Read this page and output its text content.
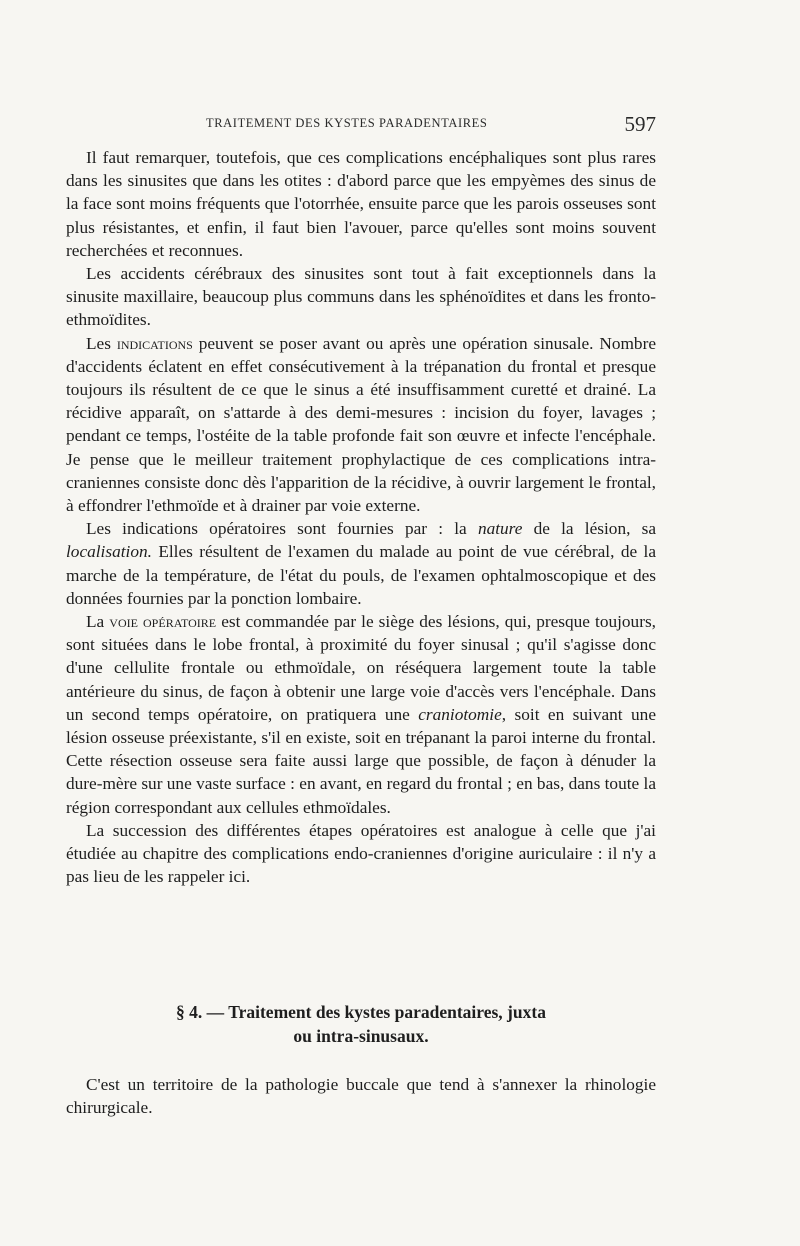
TRAITEMENT DES KYSTES PARADENTAIRES	597

Il faut remarquer, toutefois, que ces complications encéphaliques sont plus rares dans les sinusites que dans les otites : d'abord parce que les empyèmes des sinus de la face sont moins fréquents que l'otorrhée, ensuite parce que les parois osseuses sont plus résistantes, et enfin, il faut bien l'avouer, parce qu'elles sont moins souvent recherchées et reconnues.

Les accidents cérébraux des sinusites sont tout à fait exceptionnels dans la sinusite maxillaire, beaucoup plus communs dans les sphénoïdites et dans les fronto-ethmoïdites.

Les indications peuvent se poser avant ou après une opération sinusale. Nombre d'accidents éclatent en effet consécutivement à la trépanation du frontal et presque toujours ils résultent de ce que le sinus a été insuffisamment curetté et drainé. La récidive apparaît, on s'attarde à des demi-mesures : incision du foyer, lavages ; pendant ce temps, l'ostéite de la table profonde fait son œuvre et infecte l'encéphale. Je pense que le meilleur traitement prophylactique de ces complications intra-craniennes consiste donc dès l'apparition de la récidive, à ouvrir largement le frontal, à effondrer l'ethmoïde et à drainer par voie externe.

Les indications opératoires sont fournies par : la nature de la lésion, sa localisation. Elles résultent de l'examen du malade au point de vue cérébral, de la marche de la température, de l'état du pouls, de l'examen ophtalmoscopique et des données fournies par la ponction lombaire.

La voie opératoire est commandée par le siège des lésions, qui, presque toujours, sont situées dans le lobe frontal, à proximité du foyer sinusal ; qu'il s'agisse donc d'une cellulite frontale ou ethmoïdale, on réséquera largement toute la table antérieure du sinus, de façon à obtenir une large voie d'accès vers l'encéphale. Dans un second temps opératoire, on pratiquera une craniotomie, soit en suivant une lésion osseuse préexistante, s'il en existe, soit en trépanant la paroi interne du frontal. Cette résection osseuse sera faite aussi large que possible, de façon à dénuder la dure-mère sur une vaste surface : en avant, en regard du frontal ; en bas, dans toute la région correspondant aux cellules ethmoïdales.

La succession des différentes étapes opératoires est analogue à celle que j'ai étudiée au chapitre des complications endo-craniennes d'origine auriculaire : il n'y a pas lieu de les rappeler ici.

§ 4. — Traitement des kystes paradentaires, juxta
ou intra-sinusaux.

C'est un territoire de la pathologie buccale que tend à s'annexer la rhinologie chirurgicale.
